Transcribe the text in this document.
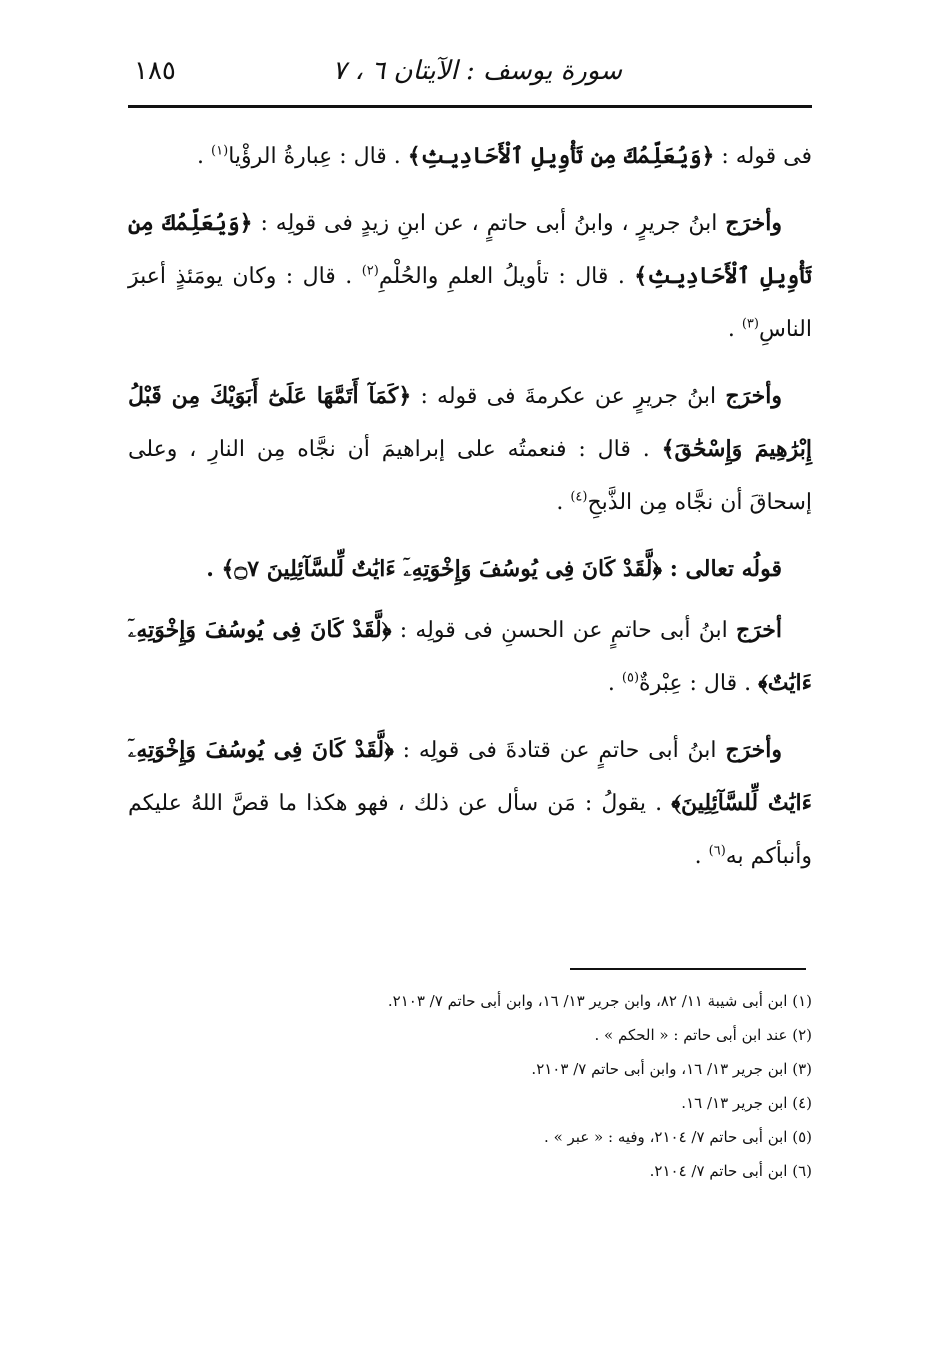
سورة يوسف : الآيتان ٦ ، ٧
١٨٥

فى قوله : ﴿وَيُعَلِّمُكَ مِن تَأْوِيلِ ٱلْأَحَادِيثِ﴾ . قال : عِبارةُ الرؤْيا$^{(١)}$ .

وأخرَج ابنُ جريرٍ ، وابنُ أبى حاتمٍ ، عن ابنِ زيدٍ فى قولِه : ﴿وَيُعَلِّمُكَ مِن تَأْوِيلِ ٱلْأَحَادِيثِ﴾ . قال : تأويلُ العلمِ والحُلْمِ$^{(٢)}$ . قال : وكان يومَئذٍ أعبرَ الناسِ$^{(٣)}$ .

وأخرَج ابنُ جريرٍ عن عكرمةَ فى قوله : ﴿كَمَآ أَتَمَّهَا عَلَىٰٓ أَبَوَيْكَ مِن قَبْلُ إِبْرَٰهِيمَ وَإِسْحَٰقَ﴾ . قال : فنعمتُه على إبراهيمَ أن نجَّاه مِن النارِ ، وعلى إسحاقَ أن نجَّاه مِن الذَّبحِ$^{(٤)}$ .

قولُه تعالى : ﴿لَّقَدْ كَانَ فِى يُوسُفَ وَإِخْوَتِهِۦٓ ءَايَٰتٌ لِّلسَّآئِلِينَ ۝٧﴾ .

أخرَج ابنُ أبى حاتمٍ عن الحسنِ فى قولِه : ﴿لَّقَدْ كَانَ فِى يُوسُفَ وَإِخْوَتِهِۦٓ ءَايَٰتٌ﴾ . قال : عِبْرةٌ$^{(٥)}$ .

وأخرَج ابنُ أبى حاتمٍ عن قتادةَ فى قولِه : ﴿لَّقَدْ كَانَ فِى يُوسُفَ وَإِخْوَتِهِۦٓ ءَايَٰتٌ لِّلسَّآئِلِينَ﴾ . يقولُ : مَن سأل عن ذلك ، فهو هكذا ما قصَّ اللهُ عليكم وأنبأكم به$^{(٦)}$ .

(١) ابن أبى شيبة ١١/ ٨٢، وابن جرير ١٣/ ١٦، وابن أبى حاتم ٧/ ٢١٠٣.

(٢) عند ابن أبى حاتم : « الحكم » .

(٣) ابن جرير ١٣/ ١٦، وابن أبى حاتم ٧/ ٢١٠٣.

(٤) ابن جرير ١٣/ ١٦.

(٥) ابن أبى حاتم ٧/ ٢١٠٤، وفيه : « عبر » .

(٦) ابن أبى حاتم ٧/ ٢١٠٤.
